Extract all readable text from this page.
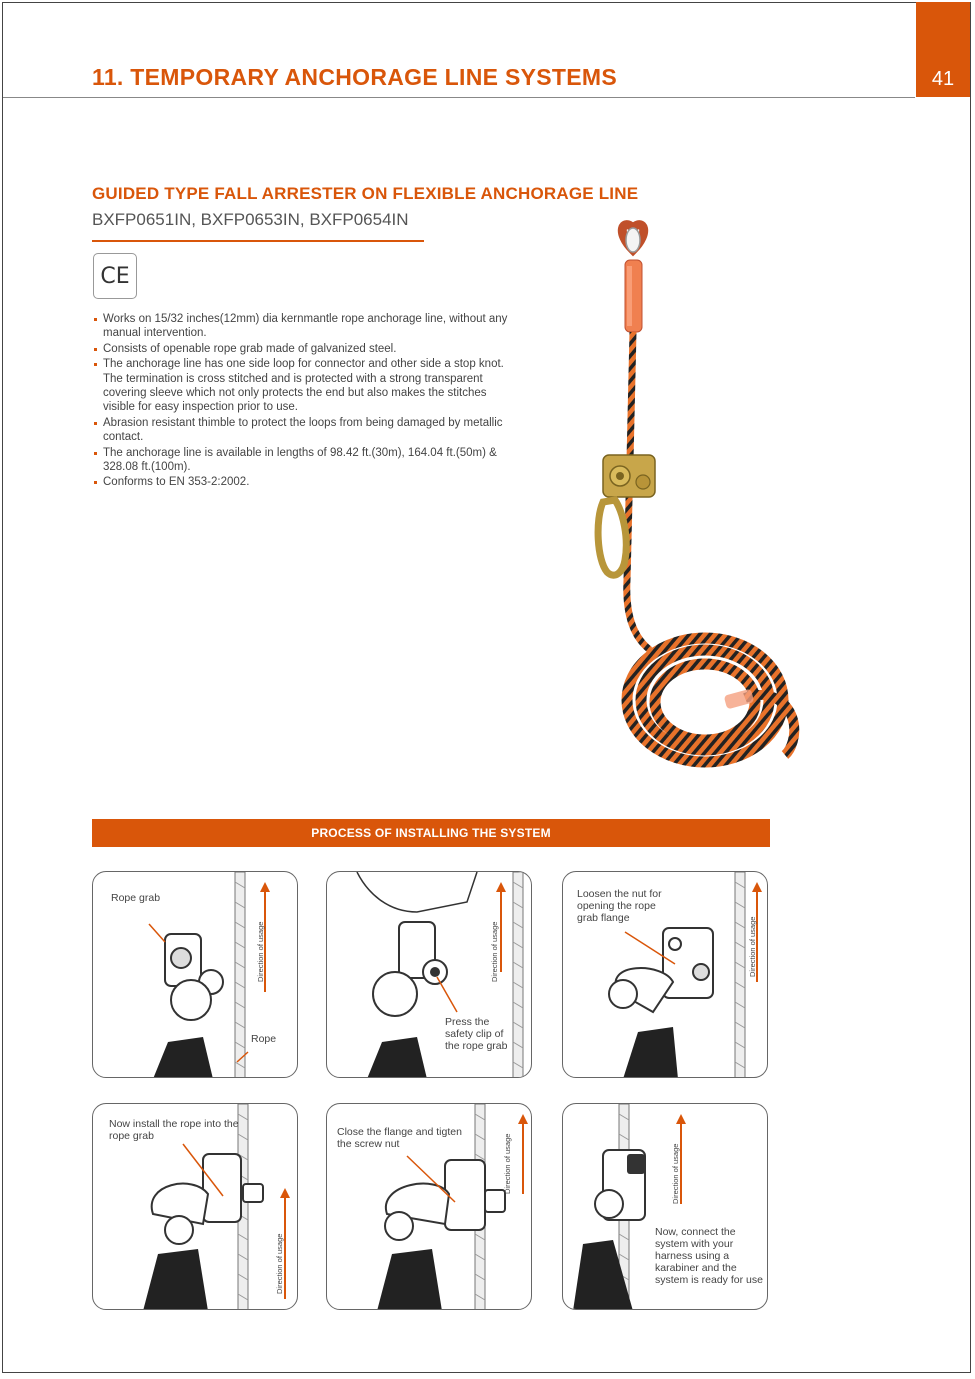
11. TEMPORARY ANCHORAGE LINE SYSTEMS	41
GUIDED TYPE FALL ARRESTER ON FLEXIBLE ANCHORAGE LINE
BXFP0651IN, BXFP0653IN, BXFP0654IN
CE
Works on 15/32 inches(12mm) dia kernmantle rope anchorage line, without any manual intervention.
Consists of openable rope grab made of galvanized steel.
The anchorage line has one side loop for connector and other side a stop knot. The termination is cross stitched and is protected with a strong transparent covering sleeve which not only protects the end but also makes the stitches visible for easy inspection prior to use.
Abrasion resistant thimble to protect the loops from being damaged by metallic contact.
The anchorage line is available in lengths of 98.42 ft.(30m), 164.04 ft.(50m) & 328.08 ft.(100m).
Conforms to EN 353-2:2002.
PROCESS OF INSTALLING THE SYSTEM
Rope grab
Rope
Direction of usage
Press the safety clip of the rope grab
Direction of usage
Loosen the nut for opening the rope grab flange	Direction of usage
Now install the rope into the rope grab
Direction of usage
Close the flange and tigten the screw nut	Direction of usage
Now, connect the system with your harness using a karabiner and the system is ready for use
Direction of usage
